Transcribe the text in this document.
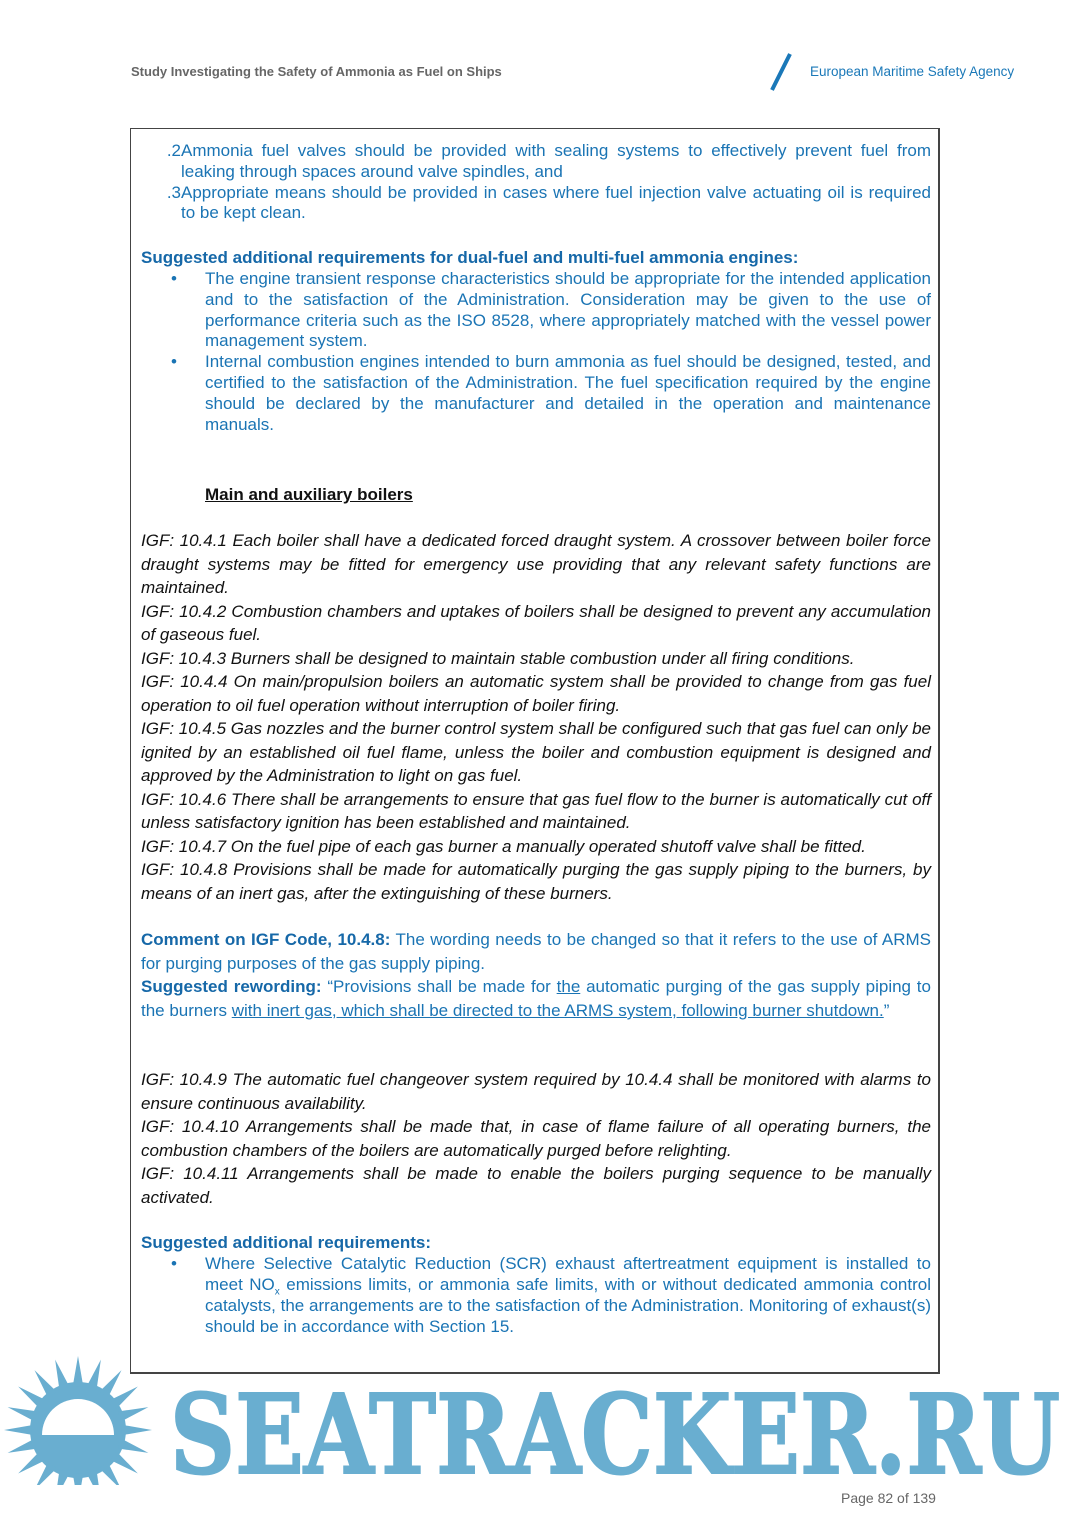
Study Investigating the Safety of Ammonia as Fuel on Ships	European Maritime Safety Agency
.2 Ammonia fuel valves should be provided with sealing systems to effectively prevent fuel from leaking through spaces around valve spindles, and
.3 Appropriate means should be provided in cases where fuel injection valve actuating oil is required to be kept clean.
Suggested additional requirements for dual-fuel and multi-fuel ammonia engines:
•	The engine transient response characteristics should be appropriate for the intended application and to the satisfaction of the Administration. Consideration may be given to the use of performance criteria such as the ISO 8528, where appropriately matched with the vessel power management system.
•	Internal combustion engines intended to burn ammonia as fuel should be designed, tested, and certified to the satisfaction of the Administration. The fuel specification required by the engine should be declared by the manufacturer and detailed in the operation and maintenance manuals.
Main and auxiliary boilers

IGF: 10.4.1 Each boiler shall have a dedicated forced draught system. A crossover between boiler force draught systems may be fitted for emergency use providing that any relevant safety functions are maintained.

IGF: 10.4.2 Combustion chambers and uptakes of boilers shall be designed to prevent any accumulation of gaseous fuel.

IGF: 10.4.3 Burners shall be designed to maintain stable combustion under all firing conditions.

IGF: 10.4.4 On main/propulsion boilers an automatic system shall be provided to change from gas fuel operation to oil fuel operation without interruption of boiler firing.

IGF: 10.4.5 Gas nozzles and the burner control system shall be configured such that gas fuel can only be ignited by an established oil fuel flame, unless the boiler and combustion equipment is designed and approved by the Administration to light on gas fuel.

IGF: 10.4.6 There shall be arrangements to ensure that gas fuel flow to the burner is automatically cut off unless satisfactory ignition has been established and maintained.

IGF: 10.4.7 On the fuel pipe of each gas burner a manually operated shutoff valve shall be fitted.

IGF: 10.4.8 Provisions shall be made for automatically purging the gas supply piping to the burners, by means of an inert gas, after the extinguishing of these burners.

Comment on IGF Code, 10.4.8: The wording needs to be changed so that it refers to the use of ARMS for purging purposes of the gas supply piping.

Suggested rewording: “Provisions shall be made for the automatic purging of the gas supply piping to the burners with inert gas, which shall be directed to the ARMS system, following burner shutdown.”

IGF: 10.4.9 The automatic fuel changeover system required by 10.4.4 shall be monitored with alarms to ensure continuous availability.

IGF: 10.4.10 Arrangements shall be made that, in case of flame failure of all operating burners, the combustion chambers of the boilers are automatically purged before relighting.

IGF: 10.4.11 Arrangements shall be made to enable the boilers purging sequence to be manually activated.

Suggested additional requirements:
•	Where Selective Catalytic Reduction (SCR) exhaust aftertreatment equipment is installed to meet $NO_x$ emissions limits, or ammonia safe limits, with or without dedicated ammonia control catalysts, the arrangements are to the satisfaction of the Administration. Monitoring of exhaust(s) should be in accordance with Section 15.
SEATRACKER.RU
Page 82 of 139
